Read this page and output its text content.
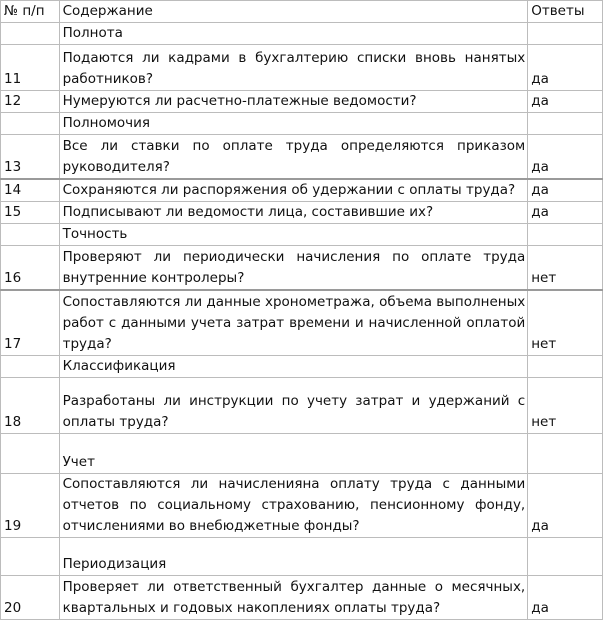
№ п/п	Содержание	Ответы
	Полнота	
11	Подаются ли кадрами в бухгалтерию списки вновь нанятых работников?	да
12	Нумеруются ли расчетно-платежные ведомости?	да
	Полномочия	
13	Все ли ставки по оплате труда определяются приказом руководителя?	да
14	Сохраняются ли распоряжения об удержании с оплаты труда?	да
15	Подписывают ли ведомости лица, составившие их?	да
	Точность	
16	Проверяют ли периодически начисления по оплате труда внутренние контролеры?	нет
17	Сопоставляются ли данные хронометража, объема выполненых работ с данными учета затрат времени и начисленной оплатой труда?	нет
	Классификация	
18	Разработаны ли инструкции по учету затрат и удержаний с оплаты труда?	нет
	Учет	
19	Сопоставляются ли начисленияна оплату труда с данными отчетов по социальному страхованию, пенсионному фонду, отчислениями во внебюджетные фонды?	да
	Периодизация	
20	Проверяет ли ответственный бухгалтер данные о месячных, квартальных и годовых накоплениях оплаты труда?	да
